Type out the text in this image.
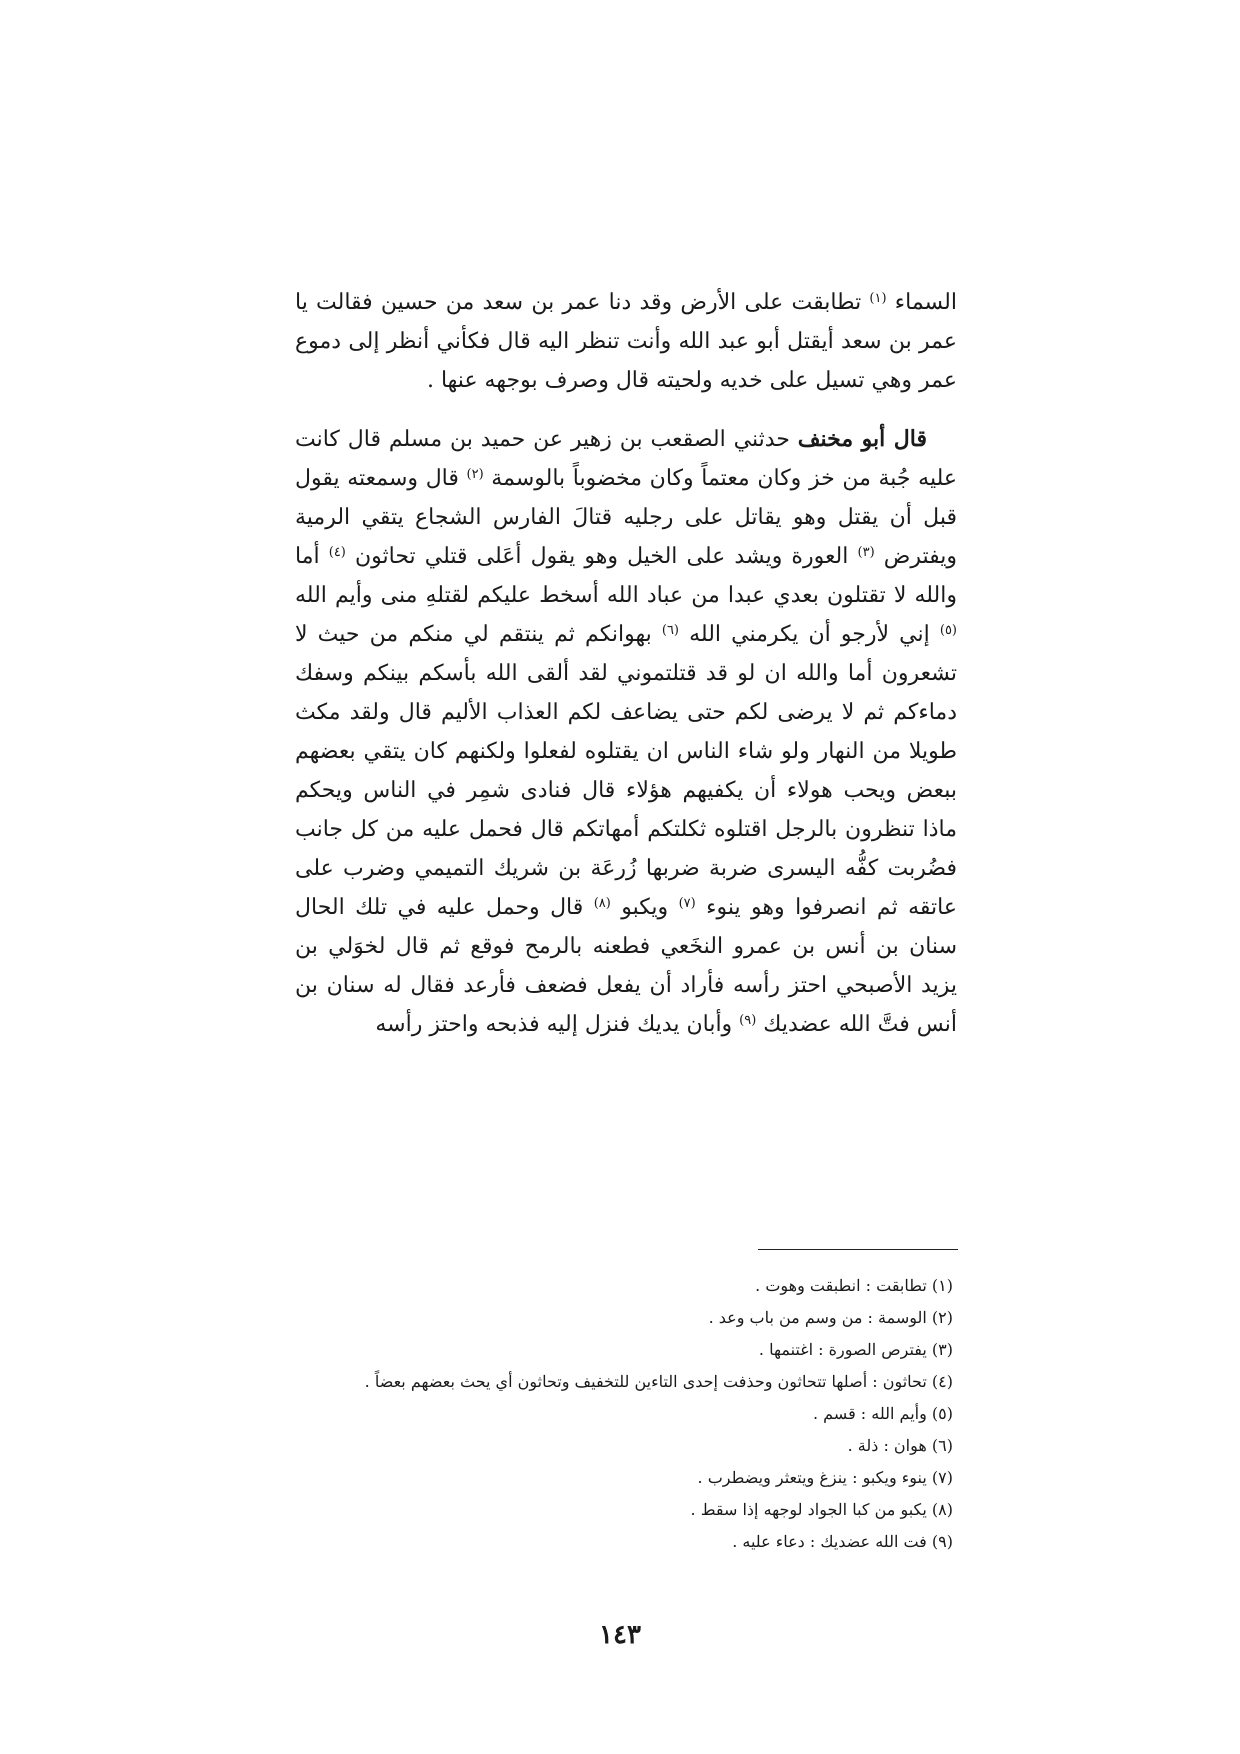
السماء $^{(١)}$ تطابقت على الأرض وقد دنا عمر بن سعد من حسين فقالت يا عمر بن سعد أيقتل أبو عبد الله وأنت تنظر اليه قال فكأني أنظر إلى دموع عمر وهي تسيل على خديه ولحيته قال وصرف بوجهه عنها .

قال أبو مخنف حدثني الصقعب بن زهير عن حميد بن مسلم قال كانت عليه جُبة من خز وكان معتماً وكان مخضوباً بالوسمة $^{(٢)}$ قال وسمعته يقول قبل أن يقتل وهو يقاتل على رجليه قتالَ الفارس الشجاع يتقي الرمية ويفترض $^{(٣)}$ العورة ويشد على الخيل وهو يقول أعَلى قتلي تحاثون $^{(٤)}$ أما والله لا تقتلون بعدي عبدا من عباد الله أسخط عليكم لقتلهِ منى وأيم الله $^{(٥)}$ إني لأرجو أن يكرمني الله $^{(٦)}$ بهوانكم ثم ينتقم لي منكم من حيث لا تشعرون أما والله ان لو قد قتلتموني لقد ألقى الله بأسكم بينكم وسفك دماءكم ثم لا يرضى لكم حتى يضاعف لكم العذاب الأليم قال ولقد مكث طويلا من النهار ولو شاء الناس ان يقتلوه لفعلوا ولكنهم كان يتقي بعضهم ببعض ويحب هولاء أن يكفيهم هؤلاء قال فنادى شمِر في الناس ويحكم ماذا تنظرون بالرجل اقتلوه ثكلتكم أمهاتكم قال فحمل عليه من كل جانب فضُربت كفُّه اليسرى ضربة ضربها زُرعَة بن شريك التميمي وضرب على عاتقه ثم انصرفوا وهو ينوء $^{(٧)}$ ويكبو $^{(٨)}$ قال وحمل عليه في تلك الحال سنان بن أنس بن عمرو النخَعي فطعنه بالرمح فوقع ثم قال لخوَلي بن يزيد الأصبحي احتز رأسه فأراد أن يفعل فضعف فأرعد فقال له سنان بن أنس فتَّ الله عضديك $^{(٩)}$ وأبان يديك فنزل إليه فذبحه واحتز رأسه

(١) تطابقت : انطبقت وهوت .
(٢) الوسمة : من وسم من باب وعد .
(٣) يفترص الصورة : اغتنمها .
(٤) تحاثون : أصلها تتحاثون وحذفت إحدى التاءين للتخفيف وتحاثون أي يحث بعضهم بعضاً .
(٥) وأيم الله : قسم .
(٦) هوان : ذلة .
(٧) ينوء ويكبو : ينزغ ويتعثر ويضطرب .
(٨) يكبو من كبا الجواد لوجهه إذا سقط .
(٩) فت الله عضديك : دعاء عليه .
١٤٣
